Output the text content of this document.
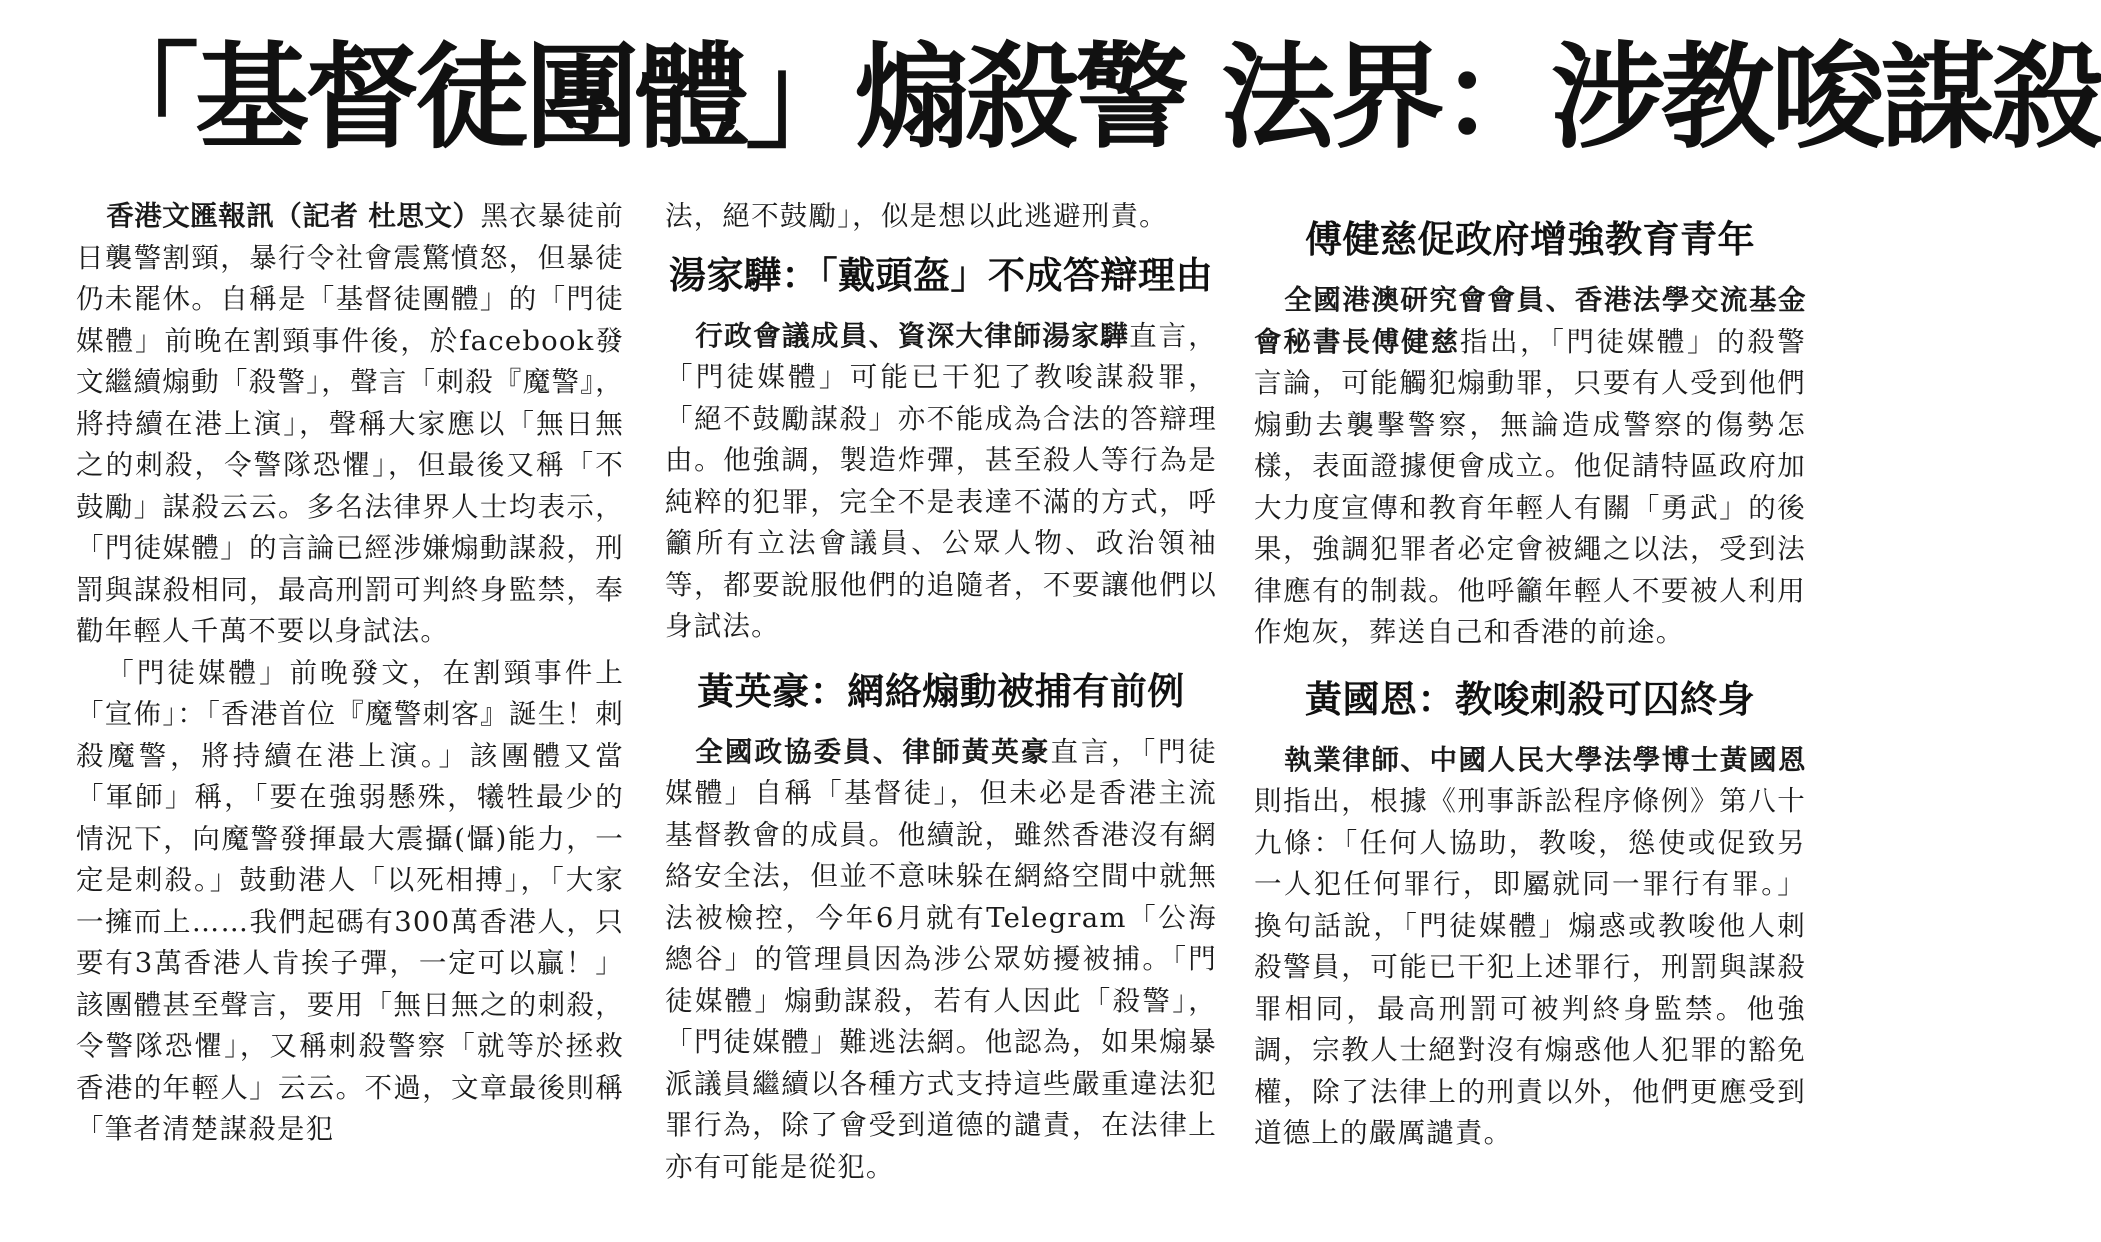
「基督徒團體」煽殺警 法界：涉教唆謀殺

香港文匯報訊（記者 杜思文）黑衣暴徒前日襲警割頸，暴行令社會震驚憤怒，但暴徒仍未罷休。自稱是「基督徒團體」的「門徒媒體」前晚在割頸事件後，於facebook發文繼續煽動「殺警」，聲言「刺殺『魔警』，將持續在港上演」，聲稱大家應以「無日無之的刺殺，令警隊恐懼」，但最後又稱「不鼓勵」謀殺云云。多名法律界人士均表示，「門徒媒體」的言論已經涉嫌煽動謀殺，刑罰與謀殺相同，最高刑罰可判終身監禁，奉勸年輕人千萬不要以身試法。

「門徒媒體」前晚發文，在割頸事件上「宣佈」：「香港首位『魔警刺客』誕生！刺殺魔警，將持續在港上演。」該團體又當「軍師」稱，「要在強弱懸殊，犧牲最少的情況下，向魔警發揮最大震攝(懾)能力，一定是刺殺。」鼓動港人「以死相搏」，「大家一擁而上……我們起碼有300萬香港人，只要有3萬香港人肯挨子彈，一定可以贏！」該團體甚至聲言，要用「無日無之的刺殺，令警隊恐懼」，又稱刺殺警察「就等於拯救香港的年輕人」云云。不過，文章最後則稱「筆者清楚謀殺是犯

法，絕不鼓勵」，似是想以此逃避刑責。

湯家驊：「戴頭盔」不成答辯理由

行政會議成員、資深大律師湯家驊直言，「門徒媒體」可能已干犯了教唆謀殺罪，「絕不鼓勵謀殺」亦不能成為合法的答辯理由。他強調，製造炸彈，甚至殺人等行為是純粹的犯罪，完全不是表達不滿的方式，呼籲所有立法會議員、公眾人物、政治領袖等，都要說服他們的追隨者，不要讓他們以身試法。

黃英豪：網絡煽動被捕有前例

全國政協委員、律師黃英豪直言，「門徒媒體」自稱「基督徒」，但未必是香港主流基督教會的成員。他續說，雖然香港沒有網絡安全法，但並不意味躲在網絡空間中就無法被檢控，今年6月就有Telegram「公海總谷」的管理員因為涉公眾妨擾被捕。「門徒媒體」煽動謀殺，若有人因此「殺警」，「門徒媒體」難逃法網。他認為，如果煽暴派議員繼續以各種方式支持這些嚴重違法犯罪行為，除了會受到道德的譴責，在法律上亦有可能是從犯。

傅健慈促政府增強教育青年

全國港澳研究會會員、香港法學交流基金會秘書長傅健慈指出，「門徒媒體」的殺警言論，可能觸犯煽動罪，只要有人受到他們煽動去襲擊警察，無論造成警察的傷勢怎樣，表面證據便會成立。他促請特區政府加大力度宣傳和教育年輕人有關「勇武」的後果，強調犯罪者必定會被繩之以法，受到法律應有的制裁。他呼籲年輕人不要被人利用作炮灰，葬送自己和香港的前途。

黃國恩：教唆刺殺可囚終身

執業律師、中國人民大學法學博士黃國恩則指出，根據《刑事訴訟程序條例》第八十九條：「任何人協助，教唆，慫使或促致另一人犯任何罪行，即屬就同一罪行有罪。」換句話說，「門徒媒體」煽惑或教唆他人刺殺警員，可能已干犯上述罪行，刑罰與謀殺罪相同，最高刑罰可被判終身監禁。他強調，宗教人士絕對沒有煽惑他人犯罪的豁免權，除了法律上的刑責以外，他們更應受到道德上的嚴厲譴責。
